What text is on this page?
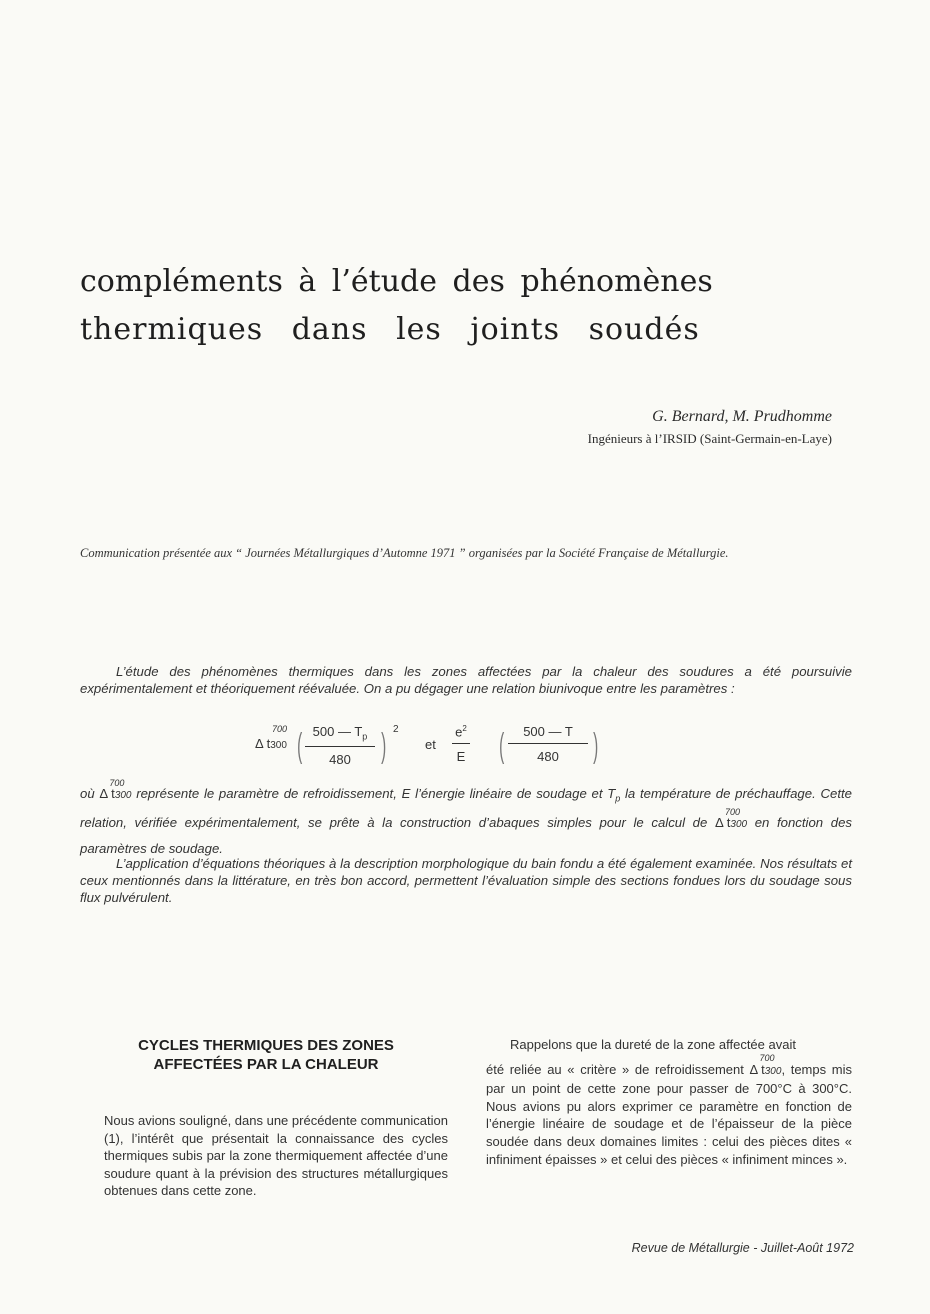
compléments à l’étude des phénomènes
thermiques dans les joints soudés
G. Bernard, M. Prudhomme
Ingénieurs à l’IRSID (Saint-Germain-en-Laye)
Communication présentée aux “ Journées Métallurgiques d’Automne 1971 ” organisées par la Société Française de Métallurgie.
L’étude des phénomènes thermiques dans les zones affectées par la chaleur des soudures a été poursuivie expérimentalement et théoriquement réévaluée. On a pu dégager une relation biunivoque entre les paramètres :
Δ t300
700 ( 500 — $T_p$
480 ) 2
et
$e^2$
E (	500 — T
480	)
où Δ t300
700
représente le paramètre de refroidissement, E l’énergie linéaire de soudage et $T_p$ la température de préchauffage. Cette relation, vérifiée expérimentalement, se prête à la construction d’abaques simples pour le calcul de Δ t300
700
en fonction des paramètres de soudage.
L’application d’équations théoriques à la description morphologique du bain fondu a été également examinée. Nos résultats et ceux mentionnés dans la littérature, en très bon accord, permettent l’évaluation simple des sections fondues lors du soudage sous flux pulvérulent.
CYCLES THERMIQUES DES ZONES
AFFECTÉES PAR LA CHALEUR
Nous avions souligné, dans une précédente communication (1), l’intérêt que présentait la connaissance des cycles thermiques subis par la zone thermiquement affectée d’une soudure quant à la prévision des structures métallurgiques obtenues dans cette zone.
Rappelons que la dureté de la zone affectée avait
été reliée au « critère » de refroidissement Δ t300
700
, temps mis par un point de cette zone pour passer de 700°C à 300°C. Nous avions pu alors exprimer ce paramètre en fonction de l’énergie linéaire de soudage et de l’épaisseur de la pièce soudée dans deux domaines limites : celui des pièces dites « infiniment épaisses » et celui des pièces « infiniment minces ».
Revue de Métallurgie - Juillet-Août 1972
